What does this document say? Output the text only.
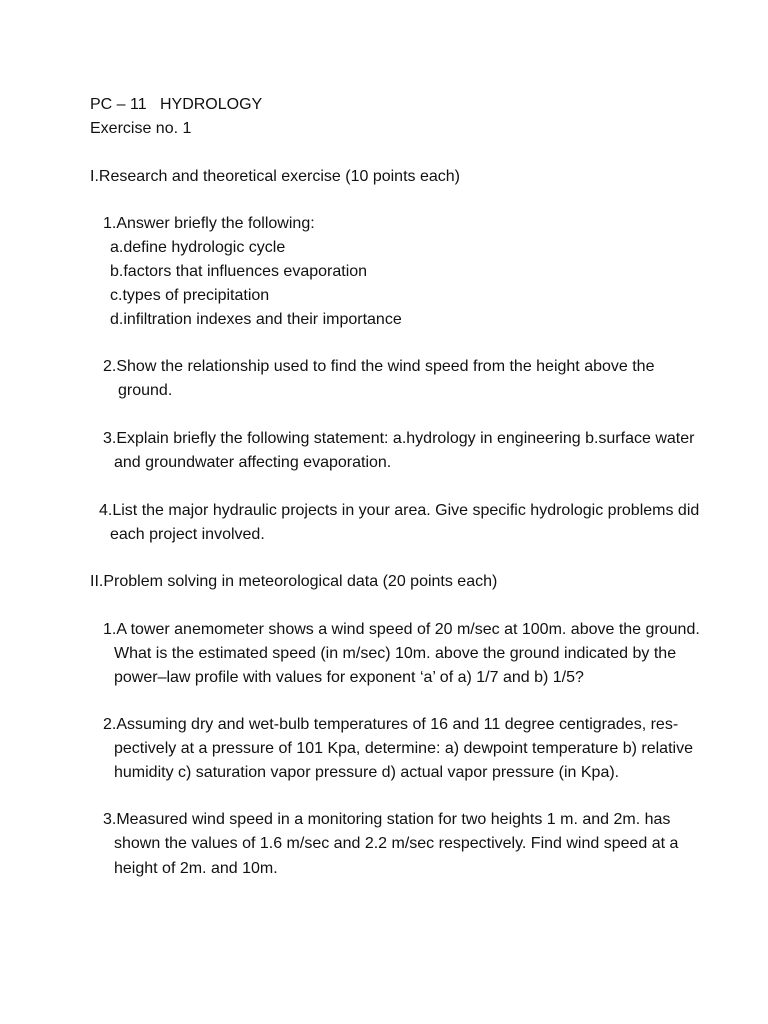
PC – 11   HYDROLOGY
Exercise no. 1
I.Research and theoretical exercise (10 points each)
1.Answer briefly the following:
a.define hydrologic cycle
b.factors that influences evaporation
c.types of precipitation
d.infiltration indexes and their importance
2.Show the relationship used to find the wind speed from the height above the
ground.
3.Explain briefly the following statement: a.hydrology in engineering b.surface water
and groundwater affecting evaporation.
4.List the major hydraulic projects in your area. Give specific hydrologic problems did
each project involved.
II.Problem solving in meteorological data (20 points each)
1.A tower anemometer shows a wind speed of 20 m/sec at 100m. above the ground.
What is the estimated speed (in m/sec) 10m. above the ground indicated by the
power–law profile with values for exponent ‘a’ of a) 1/7 and b) 1/5?
2.Assuming dry and wet-bulb temperatures of 16 and 11 degree centigrades, res-
pectively at a pressure of 101 Kpa, determine: a) dewpoint temperature b) relative
humidity c) saturation vapor pressure d) actual vapor pressure (in Kpa).
3.Measured wind speed in a monitoring station for two heights 1 m. and 2m. has
shown the values of 1.6 m/sec and 2.2 m/sec respectively. Find wind speed at a
height of 2m. and 10m.
